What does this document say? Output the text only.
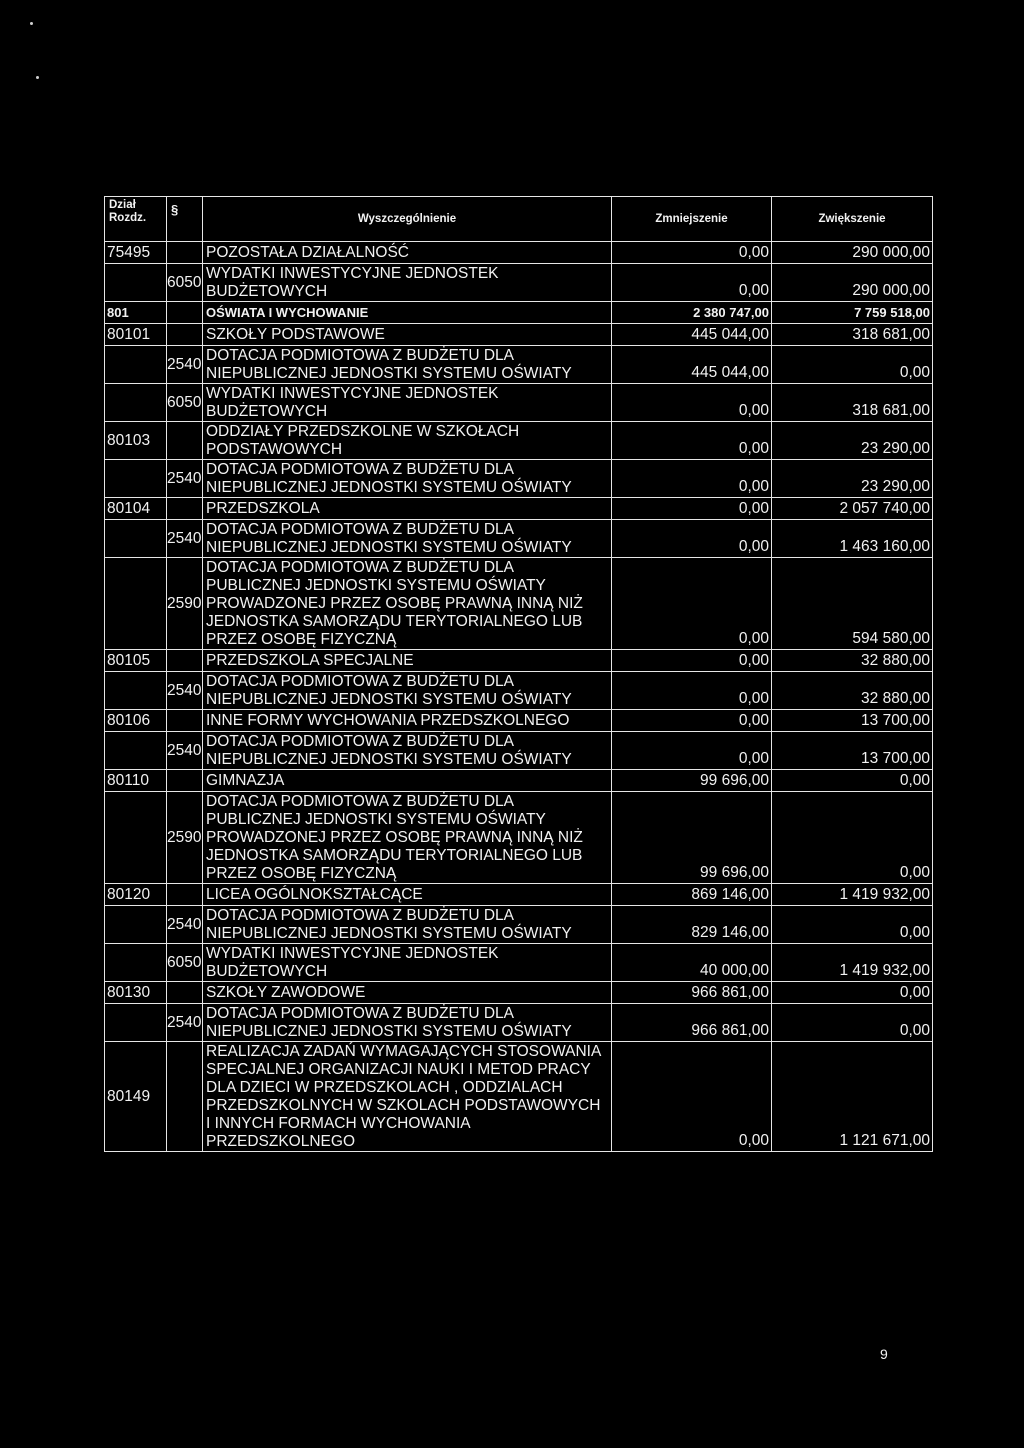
Dział
Rozdz.	§	Wyszczególnienie	Zmniejszenie	Zwiększenie
75495		POZOSTAŁA DZIAŁALNOŚĆ	0,00	290 000,00
	6050	WYDATKI INWESTYCYJNE JEDNOSTEK BUDŻETOWYCH	0,00	290 000,00
801		OŚWIATA I WYCHOWANIE	2 380 747,00	7 759 518,00
80101		SZKOŁY PODSTAWOWE	445 044,00	318 681,00
	2540	DOTACJA PODMIOTOWA Z BUDŻETU DLA NIEPUBLICZNEJ JEDNOSTKI SYSTEMU OŚWIATY	445 044,00	0,00
	6050	WYDATKI INWESTYCYJNE JEDNOSTEK BUDŻETOWYCH	0,00	318 681,00
80103		ODDZIAŁY PRZEDSZKOLNE W SZKOŁACH PODSTAWOWYCH	0,00	23 290,00
	2540	DOTACJA PODMIOTOWA Z BUDŻETU DLA NIEPUBLICZNEJ JEDNOSTKI SYSTEMU OŚWIATY	0,00	23 290,00
80104		PRZEDSZKOLA	0,00	2 057 740,00
	2540	DOTACJA PODMIOTOWA Z BUDŻETU DLA NIEPUBLICZNEJ JEDNOSTKI SYSTEMU OŚWIATY	0,00	1 463 160,00
	2590	DOTACJA PODMIOTOWA Z BUDŻETU DLA PUBLICZNEJ JEDNOSTKI SYSTEMU OŚWIATY PROWADZONEJ PRZEZ OSOBĘ PRAWNĄ INNĄ NIŻ JEDNOSTKA SAMORZĄDU TERYTORIALNEGO LUB PRZEZ OSOBĘ FIZYCZNĄ	0,00	594 580,00
80105		PRZEDSZKOLA SPECJALNE	0,00	32 880,00
	2540	DOTACJA PODMIOTOWA Z BUDŻETU DLA NIEPUBLICZNEJ JEDNOSTKI SYSTEMU OŚWIATY	0,00	32 880,00
80106		INNE FORMY WYCHOWANIA PRZEDSZKOLNEGO	0,00	13 700,00
	2540	DOTACJA PODMIOTOWA Z BUDŻETU DLA NIEPUBLICZNEJ JEDNOSTKI SYSTEMU OŚWIATY	0,00	13 700,00
80110		GIMNAZJA	99 696,00	0,00
	2590	DOTACJA PODMIOTOWA Z BUDŻETU DLA PUBLICZNEJ JEDNOSTKI SYSTEMU OŚWIATY PROWADZONEJ PRZEZ OSOBĘ PRAWNĄ INNĄ NIŻ JEDNOSTKA SAMORZĄDU TERYTORIALNEGO LUB PRZEZ OSOBĘ FIZYCZNĄ	99 696,00	0,00
80120		LICEA OGÓLNOKSZTAŁCĄCE	869 146,00	1 419 932,00
	2540	DOTACJA PODMIOTOWA Z BUDŻETU DLA NIEPUBLICZNEJ JEDNOSTKI SYSTEMU OŚWIATY	829 146,00	0,00
	6050	WYDATKI INWESTYCYJNE JEDNOSTEK BUDŻETOWYCH	40 000,00	1 419 932,00
80130		SZKOŁY ZAWODOWE	966 861,00	0,00
	2540	DOTACJA PODMIOTOWA Z BUDŻETU DLA NIEPUBLICZNEJ JEDNOSTKI SYSTEMU OŚWIATY	966 861,00	0,00
80149		REALIZACJA ZADAŃ WYMAGAJĄCYCH STOSOWANIA SPECJALNEJ ORGANIZACJI NAUKI I METOD PRACY DLA DZIECI W PRZEDSZKOLACH , ODDZIALACH PRZEDSZKOLNYCH W SZKOLACH PODSTAWOWYCH I INNYCH FORMACH WYCHOWANIA PRZEDSZKOLNEGO	0,00	1 121 671,00
9
